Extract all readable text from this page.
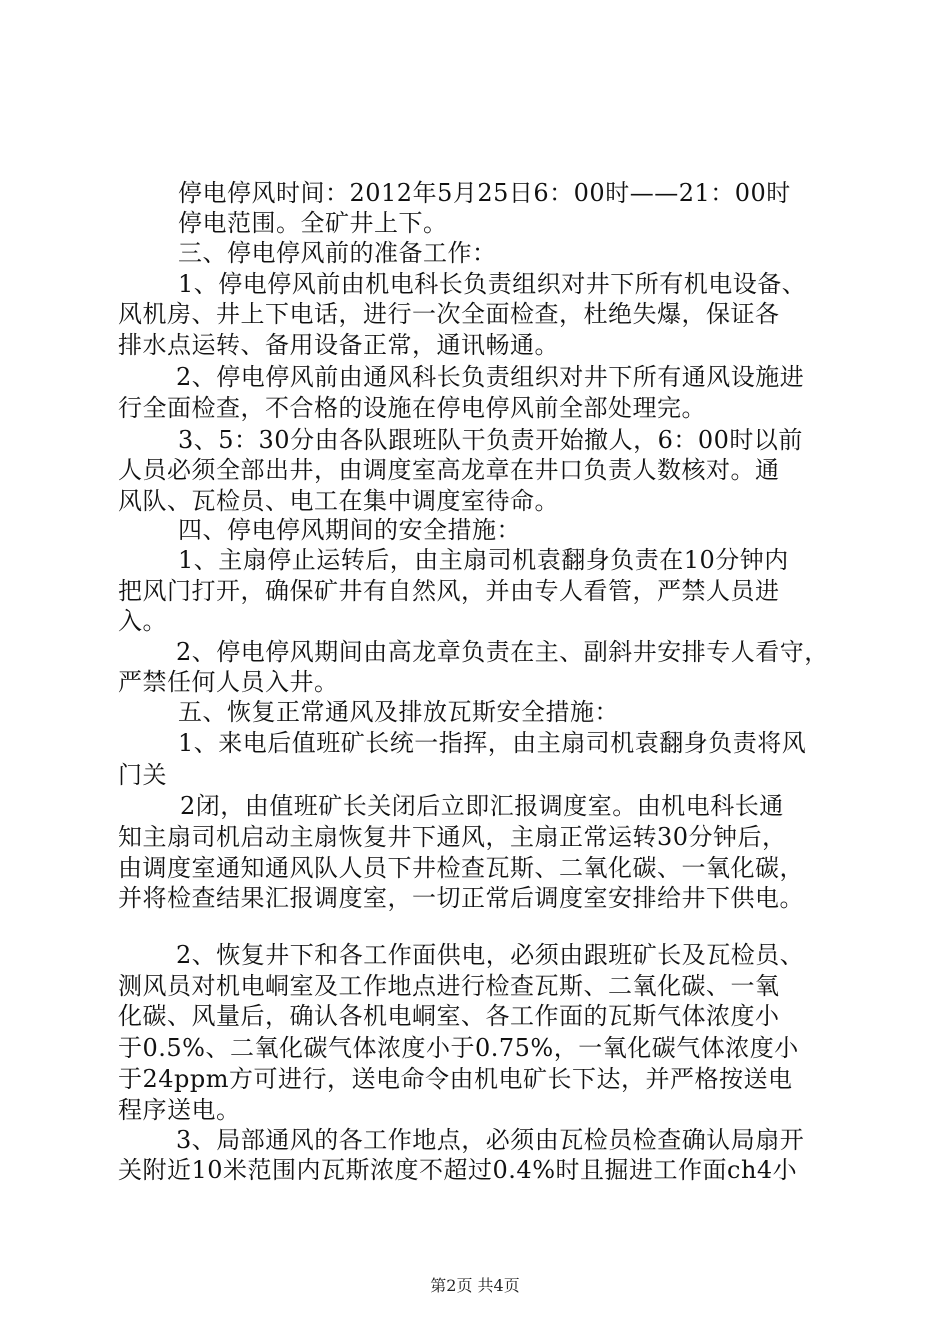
停电停风时间：2012年5月25日6：00时——21：00时
停电范围。全矿井上下。
三、停电停风前的准备工作：
1、停电停风前由机电科长负责组织对井下所有机电设备、
风机房、井上下电话，进行一次全面检查，杜绝失爆，保证各
排水点运转、备用设备正常，通讯畅通。
2、停电停风前由通风科长负责组织对井下所有通风设施进
行全面检查，不合格的设施在停电停风前全部处理完。
3、5：30分由各队跟班队干负责开始撤人，6：00时以前
人员必须全部出井，由调度室高龙章在井口负责人数核对。通
风队、瓦检员、电工在集中调度室待命。
四、停电停风期间的安全措施：
1、主扇停止运转后，由主扇司机袁翻身负责在10分钟内
把风门打开，确保矿井有自然风，并由专人看管，严禁人员进
入。
2、停电停风期间由高龙章负责在主、副斜井安排专人看守，
严禁任何人员入井。
五、恢复正常通风及排放瓦斯安全措施：
1、来电后值班矿长统一指挥，由主扇司机袁翻身负责将风
门关
2闭，由值班矿长关闭后立即汇报调度室。由机电科长通
知主扇司机启动主扇恢复井下通风，主扇正常运转30分钟后，
由调度室通知通风队人员下井检查瓦斯、二氧化碳、一氧化碳，
并将检查结果汇报调度室，一切正常后调度室安排给井下供电。
2、恢复井下和各工作面供电，必须由跟班矿长及瓦检员、
测风员对机电峒室及工作地点进行检查瓦斯、二氧化碳、一氧
化碳、风量后，确认各机电峒室、各工作面的瓦斯气体浓度小
于0.5%、二氧化碳气体浓度小于0.75%，一氧化碳气体浓度小
于24ppm方可进行，送电命令由机电矿长下达，并严格按送电
程序送电。
3、局部通风的各工作地点，必须由瓦检员检查确认局扇开
关附近10米范围内瓦斯浓度不超过0.4%时且掘进工作面ch4小
第2页 共4页
